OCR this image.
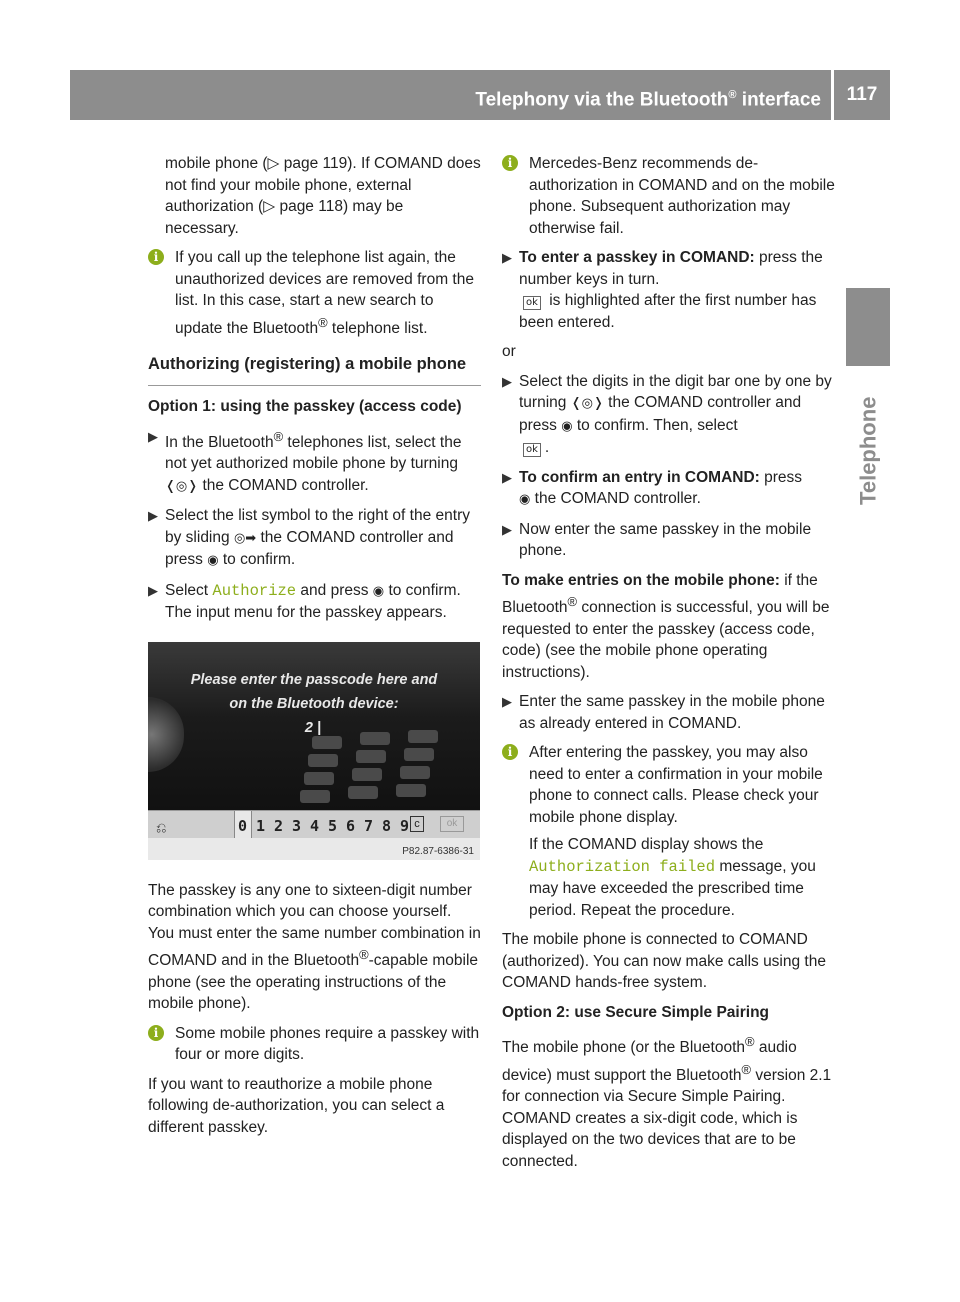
Telephony via the Bluetooth® interface	117
Telephone

mobile phone (▷ page 119). If COMAND does not find your mobile phone, external authorization (▷ page 118) may be necessary.

i	If you call up the telephone list again, the unauthorized devices are removed from the list. In this case, start a new search to update the Bluetooth® telephone list.
Authorizing (registering) a mobile phone

Option 1: using the passkey (access code)

▶ In the Bluetooth® telephones list, select the not yet authorized mobile phone by turning ❬◎❭ the COMAND controller.
▶ Select the list symbol to the right of the entry by sliding ◎➡ the COMAND controller and press ◉ to confirm.
▶ Select Authorize and press ◉ to confirm. The input menu for the passkey appears.
Please enter the passcode here and
on the Bluetooth device:
2 |
⎌	0 1 2 3 4 5 6 7 8 9 c	ok
P82.87-6386-31

The passkey is any one to sixteen-digit number combination which you can choose yourself. You must enter the same number combination in COMAND and in the Bluetooth®-capable mobile phone (see the operating instructions of the mobile phone).

i	Some mobile phones require a passkey with four or more digits.

If you want to reauthorize a mobile phone following de-authorization, you can select a different passkey.

i	Mercedes-Benz recommends de-authorization in COMAND and on the mobile phone. Subsequent authorization may otherwise fail.
▶ To enter a passkey in COMAND: press the number keys in turn.
ok is highlighted after the first number has been entered.

or

▶ Select the digits in the digit bar one by one by turning ❬◎❭ the COMAND controller and press ◉ to confirm. Then, select
ok .
▶ To confirm an entry in COMAND: press
◉ the COMAND controller.
▶ Now enter the same passkey in the mobile phone.

To make entries on the mobile phone: if the Bluetooth® connection is successful, you will be requested to enter the passkey (access code, code) (see the mobile phone operating instructions).

▶ Enter the same passkey in the mobile phone as already entered in COMAND.
i	After entering the passkey, you may also need to enter a confirmation in your mobile phone to connect calls. Please check your mobile phone display.

If the COMAND display shows the Authorization failed message, you may have exceeded the prescribed time period. Repeat the procedure.

The mobile phone is connected to COMAND (authorized). You can now make calls using the COMAND hands-free system.

Option 2: use Secure Simple Pairing

The mobile phone (or the Bluetooth® audio device) must support the Bluetooth® version 2.1 for connection via Secure Simple Pairing. COMAND creates a six-digit code, which is displayed on the two devices that are to be connected.
